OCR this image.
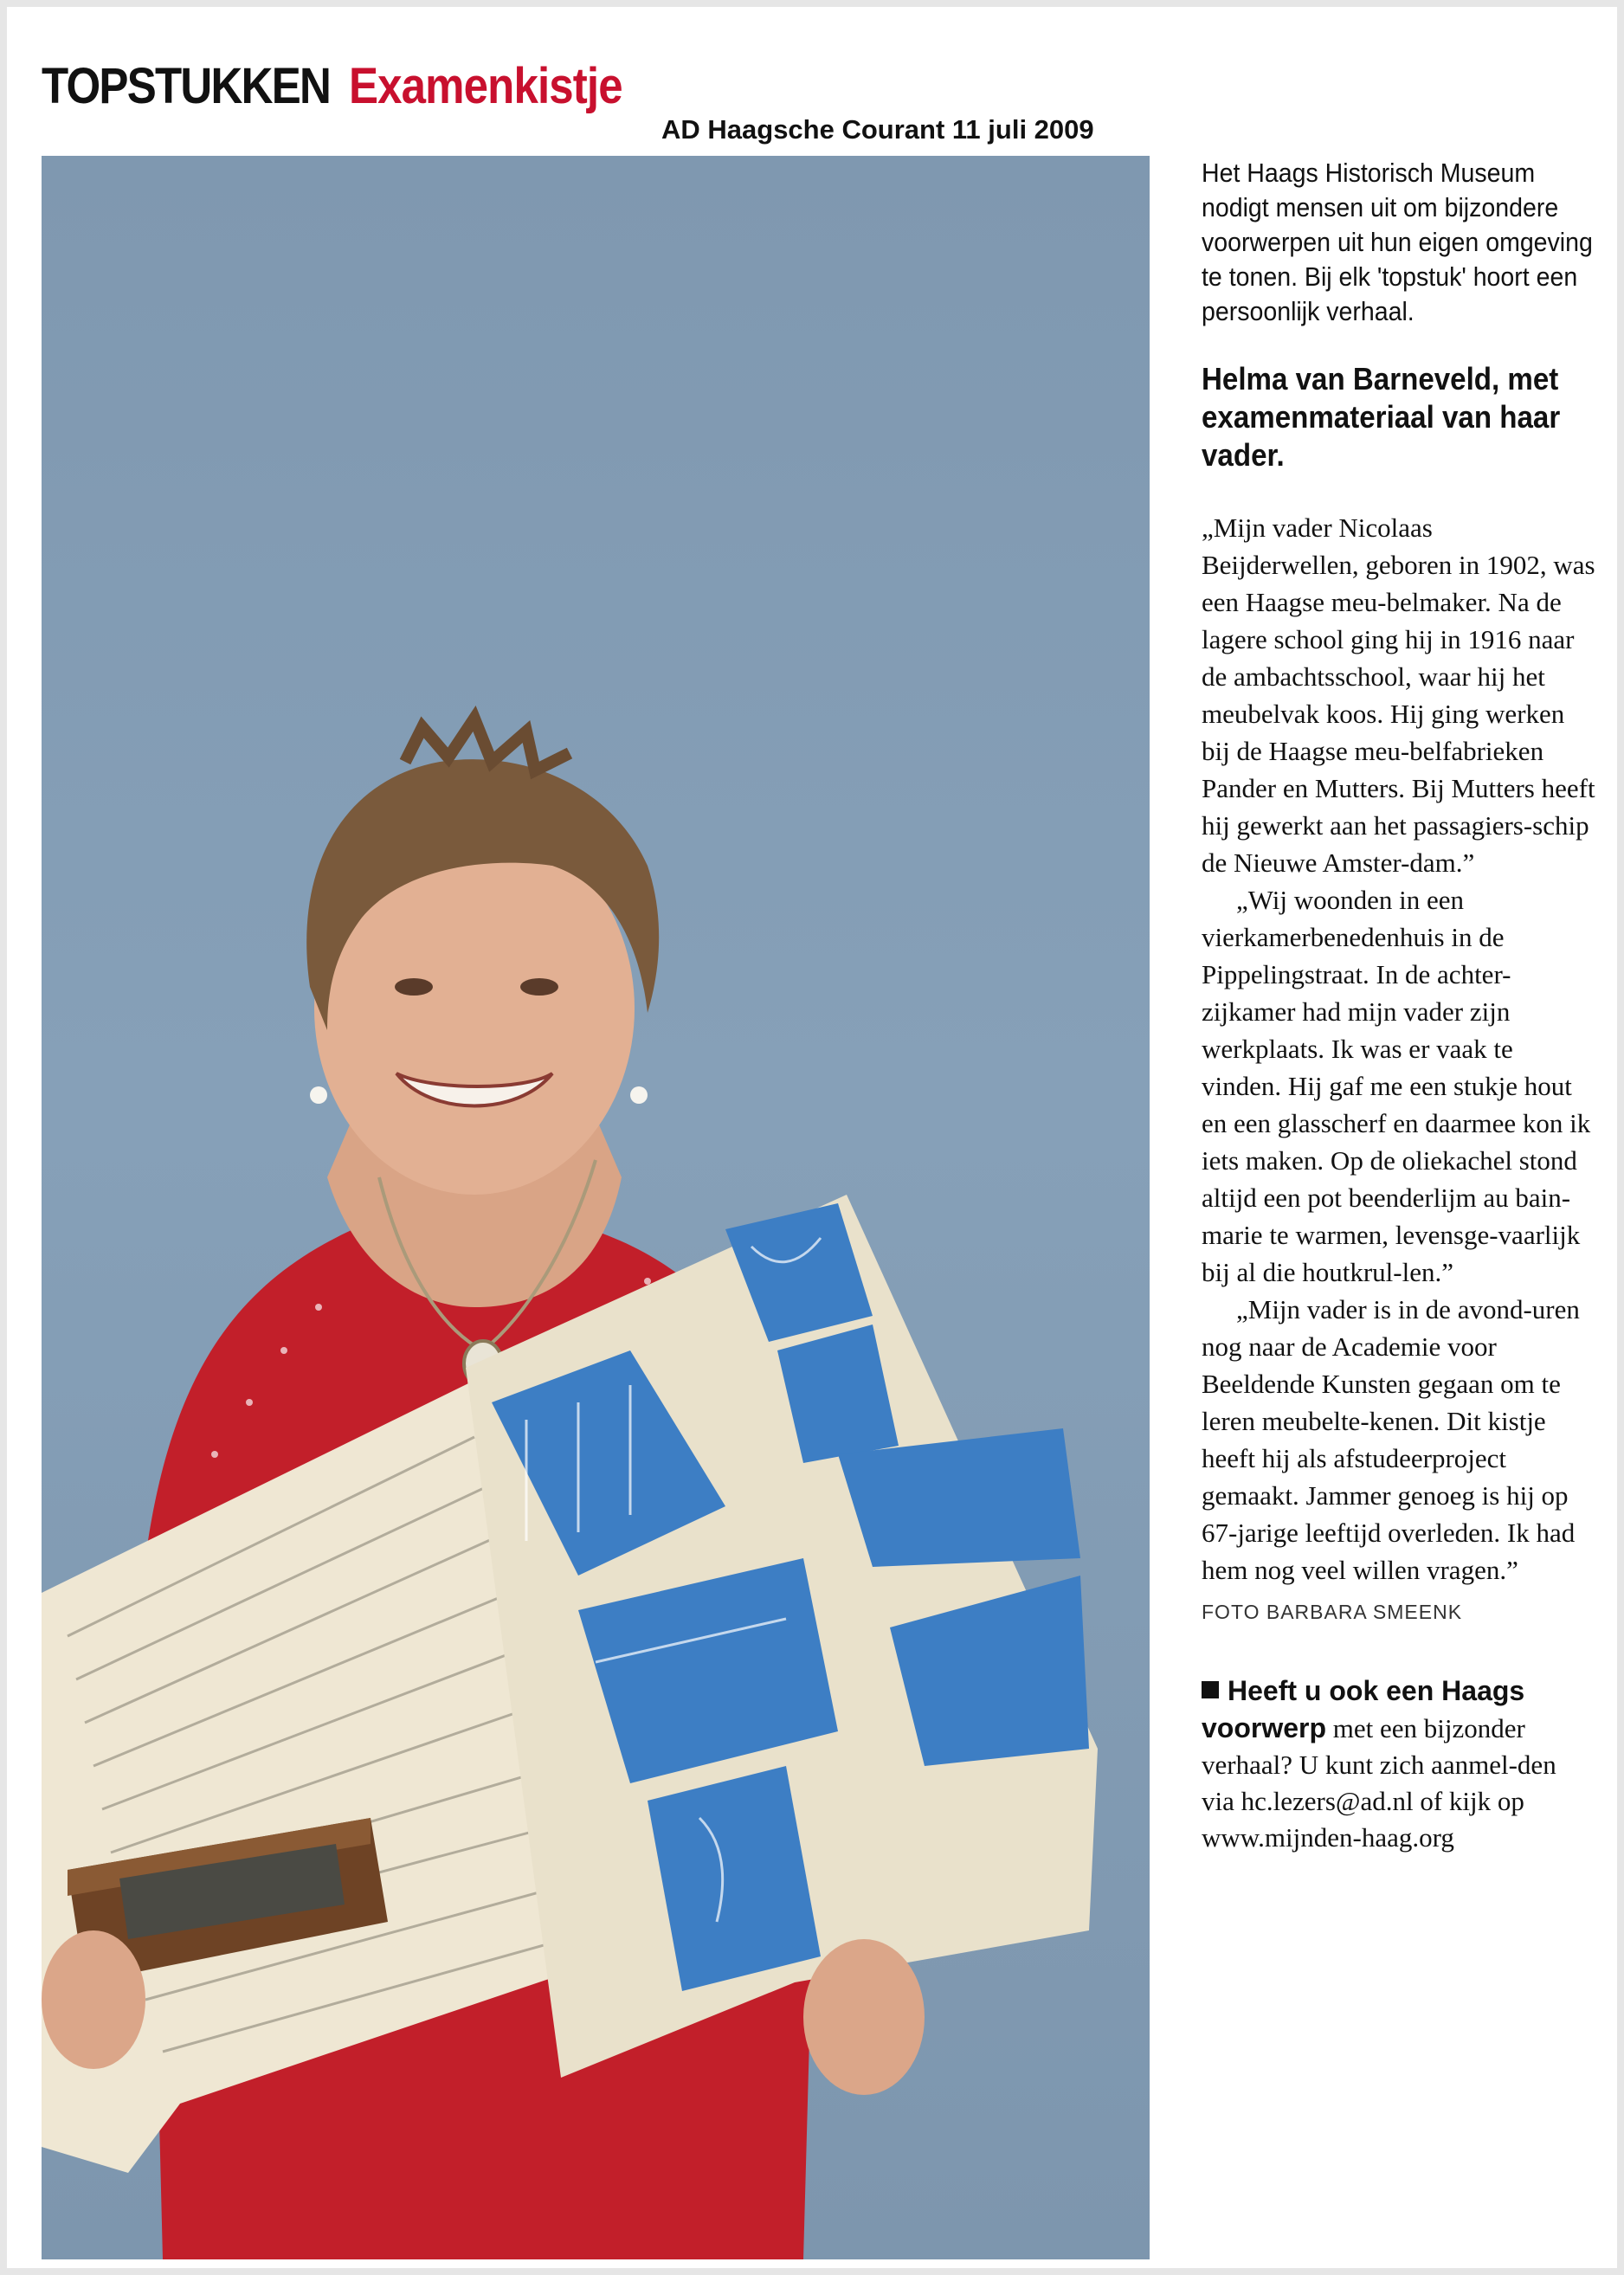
TOPSTUKKEN Examenkistje
AD Haagsche Courant 11 juli 2009

Het Haags Historisch Museum nodigt mensen uit om bijzondere voorwerpen uit hun eigen omgeving te tonen. Bij elk 'topstuk' hoort een persoonlijk verhaal.

Helma van Barneveld, met examenmateriaal van haar vader.

„Mijn vader Nicolaas Beijderwellen, geboren in 1902, was een Haagse meu-belmaker. Na de lagere school ging hij in 1916 naar de ambachtsschool, waar hij het meubelvak koos. Hij ging werken bij de Haagse meu-belfabrieken Pander en Mutters. Bij Mutters heeft hij gewerkt aan het passagiers-schip de Nieuwe Amster-dam.”

„Wij woonden in een vierkamerbenedenhuis in de Pippelingstraat. In de achter-zijkamer had mijn vader zijn werkplaats. Ik was er vaak te vinden. Hij gaf me een stukje hout en een glasscherf en daarmee kon ik iets maken. Op de oliekachel stond altijd een pot beenderlijm au bain-marie te warmen, levensge-vaarlijk bij al die houtkrul-len.”

„Mijn vader is in de avond-uren nog naar de Academie voor Beeldende Kunsten gegaan om te leren meubelte-kenen. Dit kistje heeft hij als afstudeerproject gemaakt. Jammer genoeg is hij op 67-jarige leeftijd overleden. Ik had hem nog veel willen vragen.”

FOTO BARBARA SMEENK

Heeft u ook een Haags voorwerp met een bijzonder verhaal? U kunt zich aanmel-den via hc.lezers@ad.nl of kijk op www.mijnden-haag.org
